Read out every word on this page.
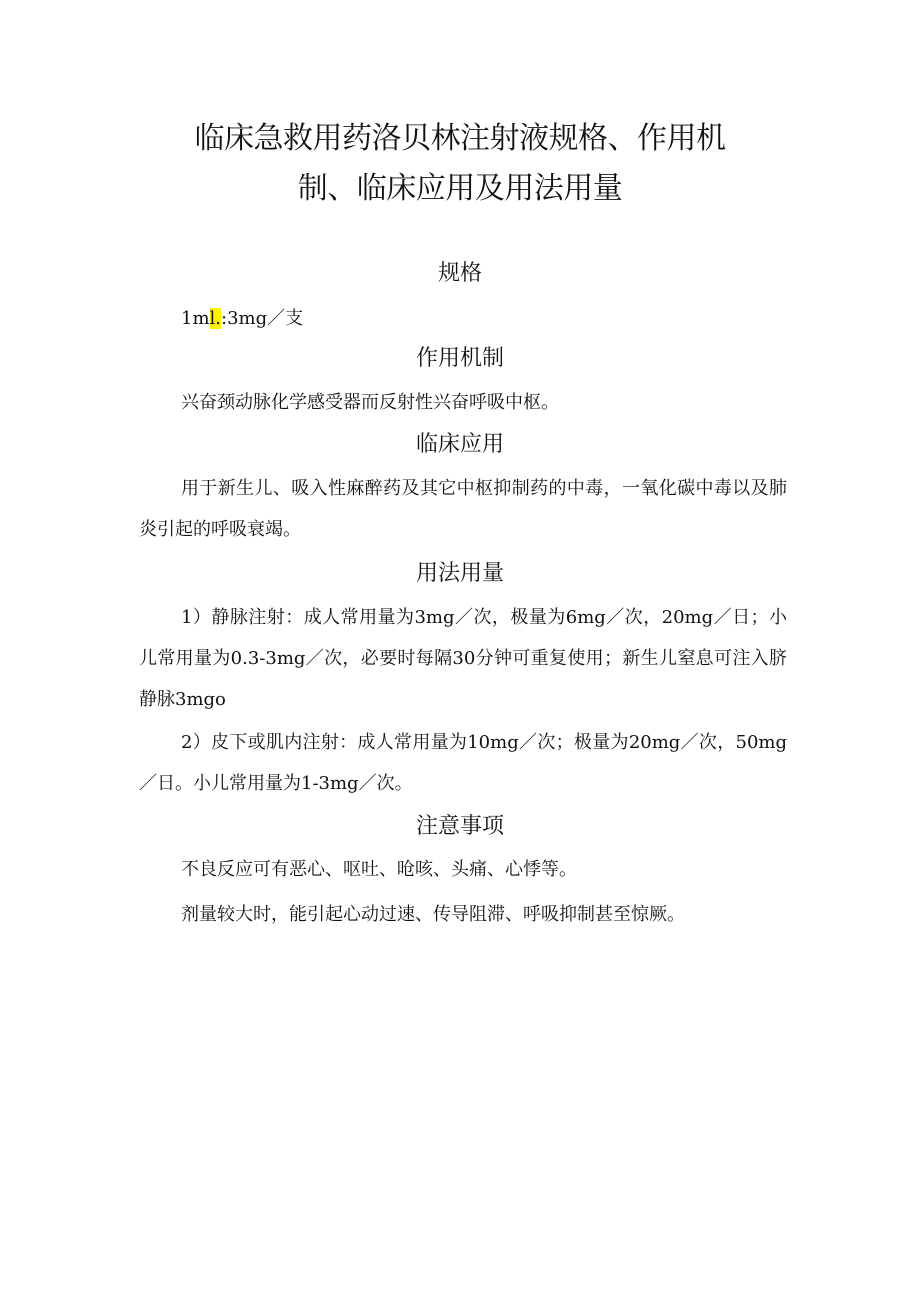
临床急救用药洛贝林注射液规格、作用机
制、临床应用及用法用量
规格

1ml.:3mg／支

作用机制

兴奋颈动脉化学感受器而反射性兴奋呼吸中枢。

临床应用

用于新生儿、吸入性麻醉药及其它中枢抑制药的中毒，一氧化碳中毒以及肺炎引起的呼吸衰竭。

用法用量

1）静脉注射：成人常用量为3mg／次，极量为6mg／次，20mg／日；小儿常用量为0.3-3mg／次，必要时每隔30分钟可重复使用；新生儿窒息可注入脐静脉3mgo

2）皮下或肌内注射：成人常用量为10mg／次；极量为20mg／次，50mg／日。小儿常用量为1-3mg／次。

注意事项

不良反应可有恶心、呕吐、呛咳、头痛、心悸等。

剂量较大时，能引起心动过速、传导阻滞、呼吸抑制甚至惊厥。
